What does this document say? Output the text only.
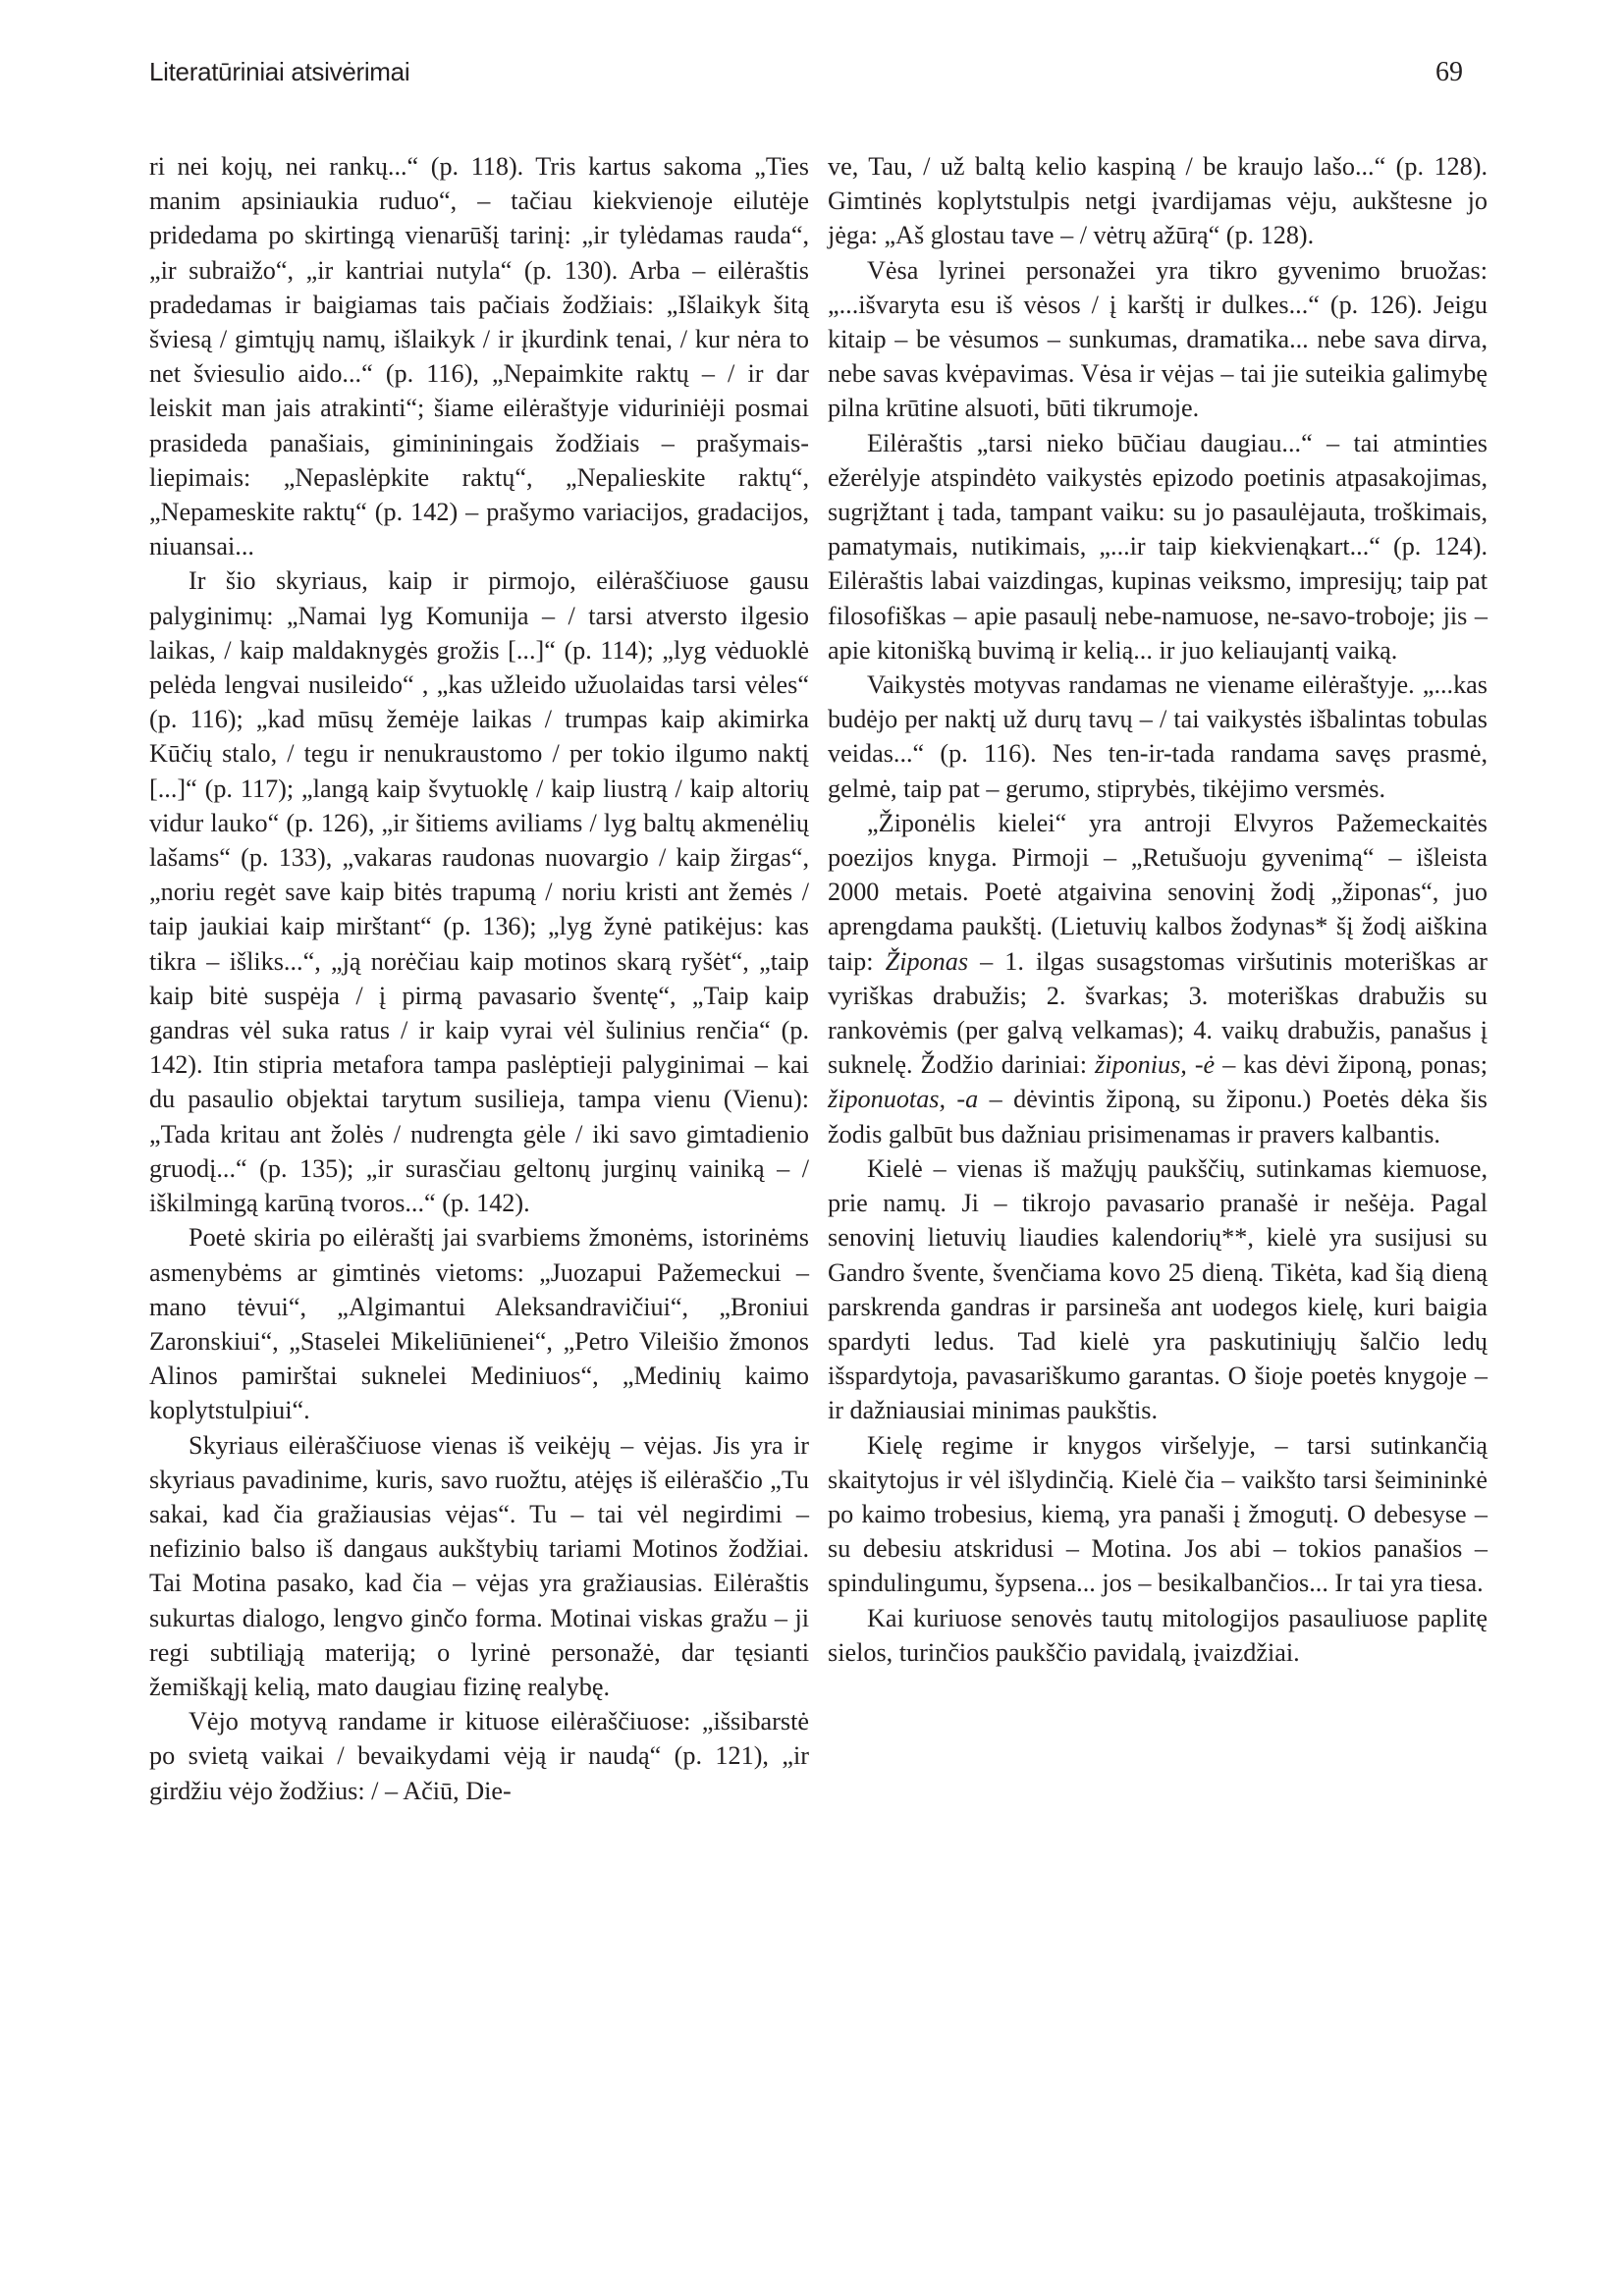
Literatūriniai atsivėrimai	69

ri nei kojų, nei rankų...“ (p. 118). Tris kartus sakoma „Ties manim apsiniaukia ruduo“, – tačiau kiekvienoje eilutėje pridedama po skirtingą vienarūšį tarinį: „ir tylėdamas rauda“, „ir subraižo“, „ir kantriai nutyla“ (p. 130). Arba – eilėraštis pradedamas ir baigiamas tais pačiais žodžiais: „Išlaikyk šitą šviesą / gimtųjų namų, išlaikyk / ir įkurdink tenai, / kur nėra to net šviesulio aido...“ (p. 116), „Nepaimkite raktų – / ir dar leiskit man jais atrakinti“; šiame eilėraštyje viduriniėji posmai prasideda panašiais, gimininingais žodžiais – prašymais-liepimais: „Nepaslėpkite raktų“, „Nepalieskite raktų“, „Nepameskite raktų“ (p. 142) – prašymo variacijos, gradacijos, niuansai...

Ir šio skyriaus, kaip ir pirmojo, eilėraščiuose gausu palyginimų: „Namai lyg Komunija – / tarsi atversto ilgesio laikas, / kaip maldaknygės grožis [...]“ (p. 114); „lyg vėduoklė pelėda lengvai nusileido“ , „kas užleido užuolaidas tarsi vėles“ (p. 116); „kad mūsų žemėje laikas / trumpas kaip akimirka Kūčių stalo, / tegu ir nenukraustomo / per tokio ilgumo naktį [...]“ (p. 117); „langą kaip švytuoklę / kaip liustrą / kaip altorių vidur lauko“ (p. 126), „ir šitiems aviliams / lyg baltų akmenėlių lašams“ (p. 133), „vakaras raudonas nuovargio / kaip žirgas“, „noriu regėt save kaip bitės trapumą / noriu kristi ant žemės / taip jaukiai kaip mirštant“ (p. 136); „lyg žynė patikėjus: kas tikra – išliks...“, „ją norėčiau kaip motinos skarą ryšėt“, „taip kaip bitė suspėja / į pirmą pavasario šventę“, „Taip kaip gandras vėl suka ratus / ir kaip vyrai vėl šulinius renčia“ (p. 142). Itin stipria metafora tampa paslėptieji palyginimai – kai du pasaulio objektai tarytum susilieja, tampa vienu (Vienu): „Tada kritau ant žolės / nudrengta gėle / iki savo gimtadienio gruodį...“ (p. 135); „ir surasčiau geltonų jurginų vainiką – / iškilmingą karūną tvoros...“ (p. 142).

Poetė skiria po eilėraštį jai svarbiems žmonėms, istorinėms asmenybėms ar gimtinės vietoms: „Juozapui Pažemeckui – mano tėvui“, „Algimantui Aleksandravičiui“, „Broniui Zaronskiui“, „Staselei Mikeliūnienei“, „Petro Vileišio žmonos Alinos pamirštai suknelei Mediniuos“, „Medinių kaimo koplytstulpiui“.

Skyriaus eilėraščiuose vienas iš veikėjų – vėjas. Jis yra ir skyriaus pavadinime, kuris, savo ruožtu, atėjęs iš eilėraščio „Tu sakai, kad čia gražiausias vėjas“. Tu – tai vėl negirdimi – nefizinio balso iš dangaus aukštybių tariami Motinos žodžiai. Tai Motina pasako, kad čia – vėjas yra gražiausias. Eilėraštis sukurtas dialogo, lengvo ginčo forma. Motinai viskas gražu – ji regi subtiliąją materiją; o lyrinė personažė, dar tęsianti žemiškąjį kelią, mato daugiau fizinę realybę.

Vėjo motyvą randame ir kituose eilėraščiuose: „išsibarstė po svietą vaikai / bevaikydami vėją ir naudą“ (p. 121), „ir girdžiu vėjo žodžius: / – Ačiū, Die-

ve, Tau, / už baltą kelio kaspiną / be kraujo lašo...“ (p. 128). Gimtinės koplytstulpis netgi įvardijamas vėju, aukštesne jo jėga: „Aš glostau tave – / vėtrų ažūrą“ (p. 128).

Vėsa lyrinei personažei yra tikro gyvenimo bruožas: „...išvaryta esu iš vėsos / į karštį ir dulkes...“ (p. 126). Jeigu kitaip – be vėsumos – sunkumas, dramatika... nebe sava dirva, nebe savas kvėpavimas. Vėsa ir vėjas – tai jie suteikia galimybę pilna krūtine alsuoti, būti tikrumoje.

Eilėraštis „tarsi nieko būčiau daugiau...“ – tai atminties ežerėlyje atspindėto vaikystės epizodo poetinis atpasakojimas, sugrįžtant į tada, tampant vaiku: su jo pasaulėjauta, troškimais, pamatymais, nutikimais, „...ir taip kiekvienąkart...“ (p. 124). Eilėraštis labai vaizdingas, kupinas veiksmo, impresijų; taip pat filosofiškas – apie pasaulį nebe-namuose, ne-savo-troboje; jis – apie kitonišką buvimą ir kelią... ir juo keliaujantį vaiką.

Vaikystės motyvas randamas ne viename eilėraštyje. „...kas budėjo per naktį už durų tavų – / tai vaikystės išbalintas tobulas veidas...“ (p. 116). Nes ten-ir-tada randama savęs prasmė, gelmė, taip pat – gerumo, stiprybės, tikėjimo versmės.

„Žiponėlis kielei“ yra antroji Elvyros Pažemeckaitės poezijos knyga. Pirmoji – „Retušuoju gyvenimą“ – išleista 2000 metais. Poetė atgaivina senovinį žodį „žiponas“, juo aprengdama paukštį. (Lietuvių kalbos žodynas* šį žodį aiškina taip: Žiponas – 1. ilgas susagstomas viršutinis moteriškas ar vyriškas drabužis; 2. švarkas; 3. moteriškas drabužis su rankovėmis (per galvą velkamas); 4. vaikų drabužis, panašus į suknelę. Žodžio dariniai: žiponius, -ė – kas dėvi žiponą, ponas; žiponuotas, -a – dėvintis žiponą, su žiponu.) Poetės dėka šis žodis galbūt bus dažniau prisimenamas ir pravers kalbantis.

Kielė – vienas iš mažųjų paukščių, sutinkamas kiemuose, prie namų. Ji – tikrojo pavasario pranašė ir nešėja. Pagal senovinį lietuvių liaudies kalendorių**, kielė yra susijusi su Gandro švente, švenčiama kovo 25 dieną. Tikėta, kad šią dieną parskrenda gandras ir parsineša ant uodegos kielę, kuri baigia spardyti ledus. Tad kielė yra paskutiniųjų šalčio ledų išspardytoja, pavasariškumo garantas. O šioje poetės knygoje – ir dažniausiai minimas paukštis.

Kielę regime ir knygos viršelyje, – tarsi sutinkančią skaitytojus ir vėl išlydinčią. Kielė čia – vaikšto tarsi šeimininkė po kaimo trobesius, kiemą, yra panaši į žmogutį. O debesyse – su debesiu atskridusi – Motina. Jos abi – tokios panašios – spindulingumu, šypsena... jos – besikalbančios... Ir tai yra tiesa.

Kai kuriuose senovės tautų mitologijos pasauliuose paplitę sielos, turinčios paukščio pavidalą, įvaizdžiai.
